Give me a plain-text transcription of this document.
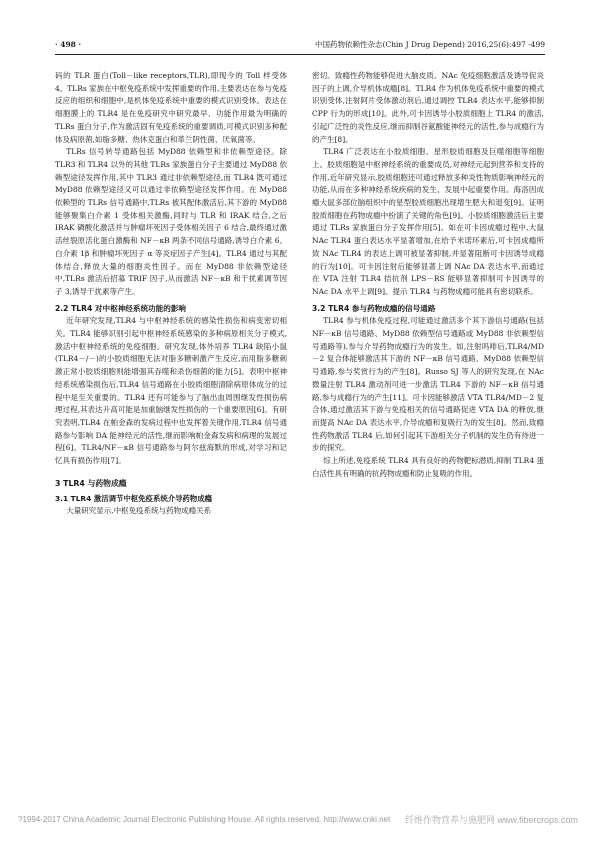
· 498 ·	中国药物依赖性杂志(Chin J Drug Depend) 2016,25(6):497 -499

码的 TLR 蛋白(Toll－like receptors,TLR),即现今的 Toll 样受体 4。TLRs 家族在中枢免疫系统中发挥重要的作用,主要表达在参与免疫反应的组织和细胞中,是机体免疫系统中重要的模式识别受体。表达在细胞膜上的 TLR4 是在免疫研究中研究最早、功能作用最为明确的 TLRs 蛋白分子,作为激活固有免疫系统的重要调质,可模式识别多种配体及病原菌,如脂多糖、热休克蛋白和革兰阴性菌、厌氧菌等。

TLRs 信号转导通路包括 MyD88 依赖型和非依赖型途径。除 TLR3 和 TLR4 以外的其他 TLRs 家族蛋白分子主要通过 MyD88 依赖型途径发挥作用,其中 TLR3 通过非依赖型途径,而 TLR4 既可通过 MyD88 依赖型途径又可以通过非依赖型途径发挥作用。在 MyD88 依赖型的 TLRs 信号通路中,TLRs 被其配体激活后,其下游的 MyD88 能够聚集白介素 1 受体相关激酶,同时与 TLR 和 IRAK 结合,之后 IRAK 磷酸化激活并与肿瘤坏死因子受体相关因子 6 结合,最终通过激活丝裂原活化蛋白激酶和 NF－κB 两条不同信号通路,诱导白介素 6、白介素 1β 和肿瘤坏死因子 α 等炎症因子产生[4]。TLR4 通过与其配体结合,释放大量的细胞炎性因子。而在 MyD88 非依赖型途径中,TLRs 激活后招募 TRIF 因子,从而激活 NF－κB 和干扰素调节因子 3,诱导干扰素等产生。

2.2 TLR4 对中枢神经系统功能的影响

近年研究发现,TLR4 与中枢神经系统的感染性损伤和病变密切相关。TLR4 能够识别引起中枢神经系统感染的多种病原相关分子模式,激活中枢神经系统的免疫细胞。研究发现,体外培养 TLR4 缺陷小鼠(TLR4－/－)的小胶质细胞无法对脂多糖刺激产生反应,而用脂多糖刺激正常小胶质细胞则能增强其吞噬和杀伤细菌的能力[5]。表明中枢神经系统感染损伤后,TLR4 信号通路在小胶质细胞清除病原体成分的过程中是至关重要的。TLR4 还有可能参与了脑出血周围继发性损伤病理过程,其表达升高可能是加重脑继发性损伤的一个重要原因[6]。有研究表明,TLR4 在帕金森的发病过程中也发挥着关键作用,TLR4 信号通路参与影响 DA 能神经元的活性,继而影响帕金森发病和病理的发展过程[6]。TLR4/NF－κB 信号通路参与阿尔兹海默的形成,对学习和记忆具有损伤作用[7]。

3 TLR4 与药物成瘾
3.1 TLR4 激活调节中枢免疫系统介导药物成瘾

大量研究显示,中枢免疫系统与药物成瘾关系

密切。致瘾性药物能够促进大脑皮质、NAc 免疫细胞激活及诱导促炎因子的上调,介导机体成瘾[8]。TLR4 作为机体免疫系统中重要的模式识别受体,注射阿片受体激动剂后,通过调控 TLR4 表达水平,能够抑制 CPP 行为的形成[10]。此外,可卡因诱导小胶质细胞上 TLR4 的激活,引起广泛性的炎性反应,继而抑制谷氨酸能神经元的活性,参与成瘾行为的产生[8]。

TLR4 广泛表达在小胶质细胞、星形胶质细胞及巨噬细胞等细胞上。胶质细胞是中枢神经系统的重要成员,对神经元起到营养和支持的作用,近年研究显示,胶质细胞还可通过释放多种炎性物质影响神经元的功能,从而在多种神经系统疾病的发生、发展中起重要作用。海洛因成瘾大鼠多部位脑组织中的星型胶质细胞出现增生肥大和退变[9]。证明胶质细胞在药物成瘾中扮演了关键的角色[9]。小胶质细胞激活后主要通过 TLRs 家族蛋白分子发挥作用[5]。如在可卡因成瘾过程中,大鼠 NAc TLR4 蛋白表达水平显著增加,在给予米诺环素后,可卡因成瘾所致 NAc TLR4 的表达上调可被显著抑制,并显著阻断可卡因诱导成瘾的行为[10]。可卡因注射后能够显著上调 NAc DA 表达水平,而通过在 VTA 注射 TLR4 拮抗剂 LPS－RS 能够显著抑制可卡因诱导的 NAc DA 水平上调[9]。提示 TLR4 与药物成瘾可能具有密切联系。

3.2 TLR4 参与药物成瘾的信号通路

TLR4 参与机体免疫过程,可能通过激活多个其下游信号通路(包括 NF－κB 信号通路、MyD88 依赖型信号通路或 MyD88 非依赖型信号通路等),参与介导药物成瘾行为的发生。如,注射吗啡后,TLR4/MD－2 复合体能够激活其下游的 NF－κB 信号通路、MyD88 依赖型信号通路,参与奖赏行为的产生[8]。Russo SJ 等人的研究发现,在 NAc 微量注射 TLR4 激动剂可进一步激活 TLR4 下游的 NF－κB 信号通路,参与成瘾行为的产生[11]。可卡因能够激活 VTA TLR4/MD－2 复合体,通过激活其下游与免疫相关的信号通路促进 VTA DA 的释放,继而提高 NAc DA 表达水平,介导成瘾和复吸行为的发生[8]。然而,致瘾性药物激活 TLR4 后,如何引起其下游相关分子机制的发生仍有待进一步的探究。

综上所述,免疫系统 TLR4 具有良好的药物靶标潜质,抑制 TLR4 蛋白活性具有明确的抗药物成瘾和防止复吸的作用。

?1994-2017 China Academic Journal Electronic Publishing House. All rights reserved. http://www.cnki.net 纤维作物营养与施肥网 www.fibercrops.com
